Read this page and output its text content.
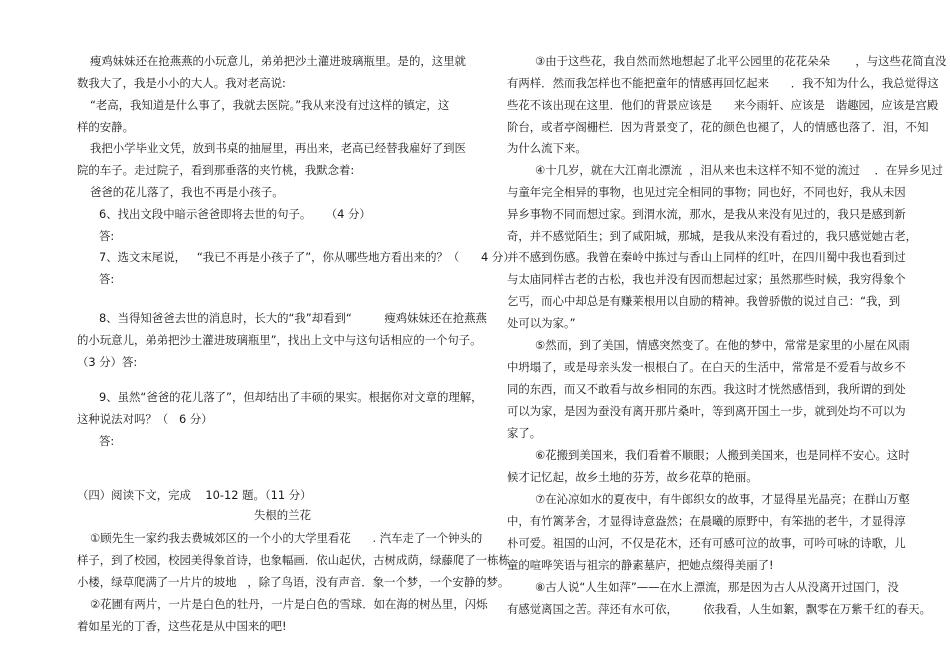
瘦鸡妹妹还在抢燕燕的小玩意儿，弟弟把沙土灌进玻璃瓶里。是的，这里就
数我大了，我是小小的大人。我对老高说:
“老高，我知道是什么事了，我就去医院。”我从来没有过这样的镇定，这
样的安静。
我把小学毕业文凭，放到书桌的抽屉里，再出来，老高已经替我雇好了到医
院的车子。走过院子，看到那垂落的夹竹桃，我默念着:
爸爸的花儿落了，我也不再是小孩子。
6、找出文段中暗示爸爸即将去世的句子。    （4 分）
答:
7、选文末尾说，   “我已不再是小孩子了”，你从哪些地方看出来的？（      4 分）
答:
8、当得知爸爸去世的消息时，长大的“我”却看到“         瘦鸡妹妹还在抢燕燕
的小玩意儿，弟弟把沙土灌进玻璃瓶里”，找出上文中与这句话相应的一个句子。
（3 分）答:
9、虽然“爸爸的花儿落了”，但却结出了丰硕的果实。根据你对文章的理解，
这种说法对吗？（   6 分）
答:
（四）阅读下文，完成    10-12 题。（11 分）
失根的兰花
①顾先生一家约我去费城郊区的一个小的大学里看花      . 汽车走了一个钟头的
样子，到了校园，校园美得象首诗，也象幅画．依山起伏，古树成荫，绿藤爬了一栋栋
小楼，绿草爬满了一片片的坡地   ，除了鸟语，没有声音．象一个梦，一个安静的梦。
②花圃有两片，一片是白色的牡丹，一片是白色的雪球．如在海的树丛里，闪烁
着如星光的丁香，这些花是从中国来的吧!
③由于这些花，我自然而然地想起了北平公园里的花花朵朵       ，与这些花简直没
有两样．然而我怎样也不能把童年的情感再回忆起来      ．我不知为什么，我总觉得这
些花不该出现在这里．他们的背景应该是      来今雨轩、应该是   谐趣园，应该是宫殿
阶台，或者亭阁栅栏．因为背景变了，花的颜色也褪了，人的情感也落了．泪，不知
为什么流下来。
④十几岁，就在大江南北漂流  ，泪从来也未这样不知不觉的流过    ．在异乡见过
与童年完全相异的事物，也见过完全相同的事物；同也好，不同也好，我从未因
异乡事物不同而想过家。到渭水流，那水，是我从来没有见过的，我只是感到新
奇，并不感觉陌生；到了咸阳城，那城，是我从来没有看过的，我只感觉她古老，
并不感到伤感。我曾在秦岭中拣过与香山上同样的红叶，在四川蜀中我也看到过
与太庙同样古老的古松，我也并没有因而想起过家；虽然那些时候，我穷得象个
乞丐，而心中却总是有赚莱根用以自励的精神。我曾骄傲的说过自己：“我，到
处可以为家。”
⑤然而，到了美国，情感突然变了。在他的梦中，常常是家里的小屋在风雨
中坍塌了，或是母亲头发一根根白了。在白天的生活中，常常是不爱看与故乡不
同的东西，而又不敢看与故乡相同的东西。我这时才恍然感悟到，我所谓的到处
可以为家，是因为蚕没有离开那片桑叶，等到离开国土一步，就到处均不可以为
家了。
⑥花搬到美国来，我们看着不顺眼；人搬到美国来，也是同样不安心。这时
候才记忆起，故乡土地的芬芳，故乡花草的艳丽。
⑦在沁凉如水的夏夜中，有牛郎织女的故事，才显得星光晶亮；在群山万壑
中，有竹篱茅舍，才显得诗意盎然；在晨曦的原野中，有笨拙的老牛，才显得淳
朴可爱。祖国的山河，不仅是花木，还有可感可泣的故事，可吟可咏的诗歌，儿
童的喧哗笑语与祖宗的静素墓庐，把她点缀得美丽了!
⑧古人说“人生如萍”——在水上漂流，那是因为古人从没离开过国门，没
有感觉离国之苦。萍还有水可依，       依我看，人生如絮，飘零在万紫千红的春天。
